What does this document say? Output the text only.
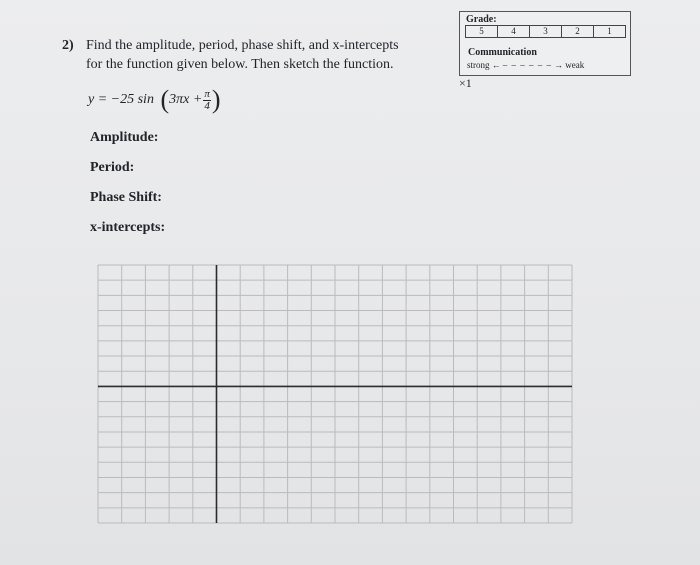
Grade:
5	4	3	2	1
Communication
strong ← – – – – – – → weak
×1
2) Find the amplitude, period, phase shift, and x-intercepts
for the function given below. Then sketch the function.
y = −25 sin ( $3\pi x + \frac{\pi}{4}$ )
Amplitude:
Period:
Phase Shift:
x-intercepts:
